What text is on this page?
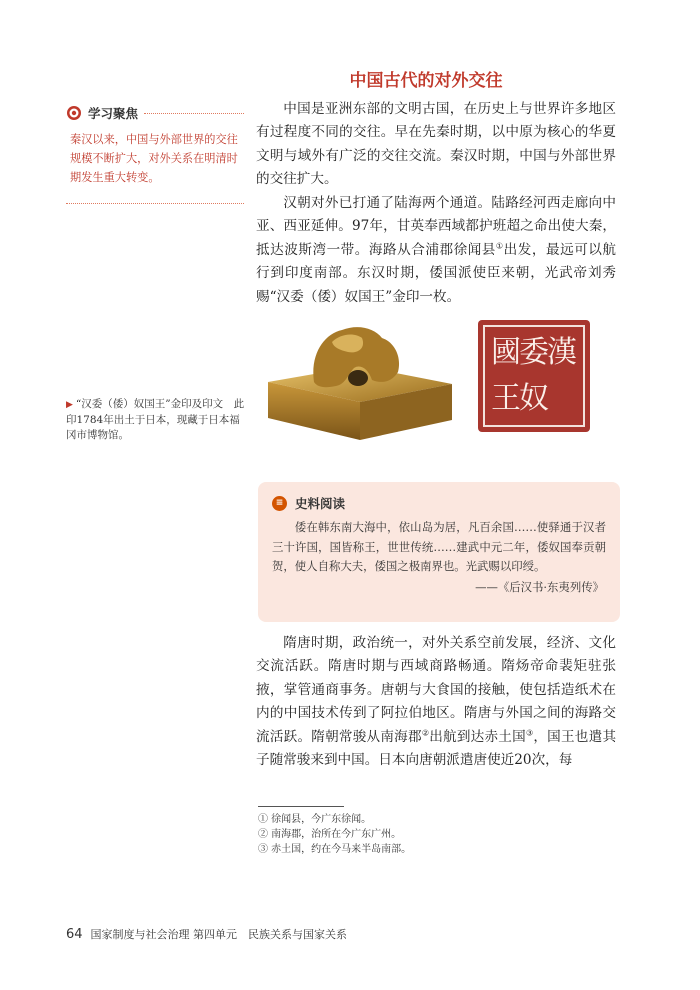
中国古代的对外交往
学习聚焦
秦汉以来，中国与外部世界的交往规模不断扩大，对外关系在明清时期发生重大转变。

中国是亚洲东部的文明古国，在历史上与世界许多地区有过程度不同的交往。早在先秦时期，以中原为核心的华夏文明与域外有广泛的交往交流。秦汉时期，中国与外部世界的交往扩大。

汉朝对外已打通了陆海两个通道。陆路经河西走廊向中亚、西亚延伸。97年，甘英奉西域都护班超之命出使大秦，抵达波斯湾一带。海路从合浦郡徐闻县①出发，最远可以航行到印度南部。东汉时期，倭国派使臣来朝，光武帝刘秀赐“汉委（倭）奴国王”金印一枚。

漢
委
奴
國
王
▶ “汉委（倭）奴国王”金印及印文　此印1784年出土于日本，现藏于日本福冈市博物馆。
≡ 史料阅读
倭在韩东南大海中，依山岛为居，凡百余国……使驿通于汉者三十许国，国皆称王，世世传统……建武中元二年，倭奴国奉贡朝贺，使人自称大夫，倭国之极南界也。光武赐以印绶。
——《后汉书·东夷列传》

隋唐时期，政治统一，对外关系空前发展，经济、文化交流活跃。隋唐时期与西域商路畅通。隋炀帝命裴矩驻张掖，掌管通商事务。唐朝与大食国的接触，使包括造纸术在内的中国技术传到了阿拉伯地区。隋唐与外国之间的海路交流活跃。隋朝常骏从南海郡②出航到达赤土国③，国王也遣其子随常骏来到中国。日本向唐朝派遣唐使近20次，每

① 徐闻县，今广东徐闻。
② 南海郡，治所在今广东广州。
③ 赤土国，约在今马来半岛南部。
64 国家制度与社会治理 第四单元　民族关系与国家关系
